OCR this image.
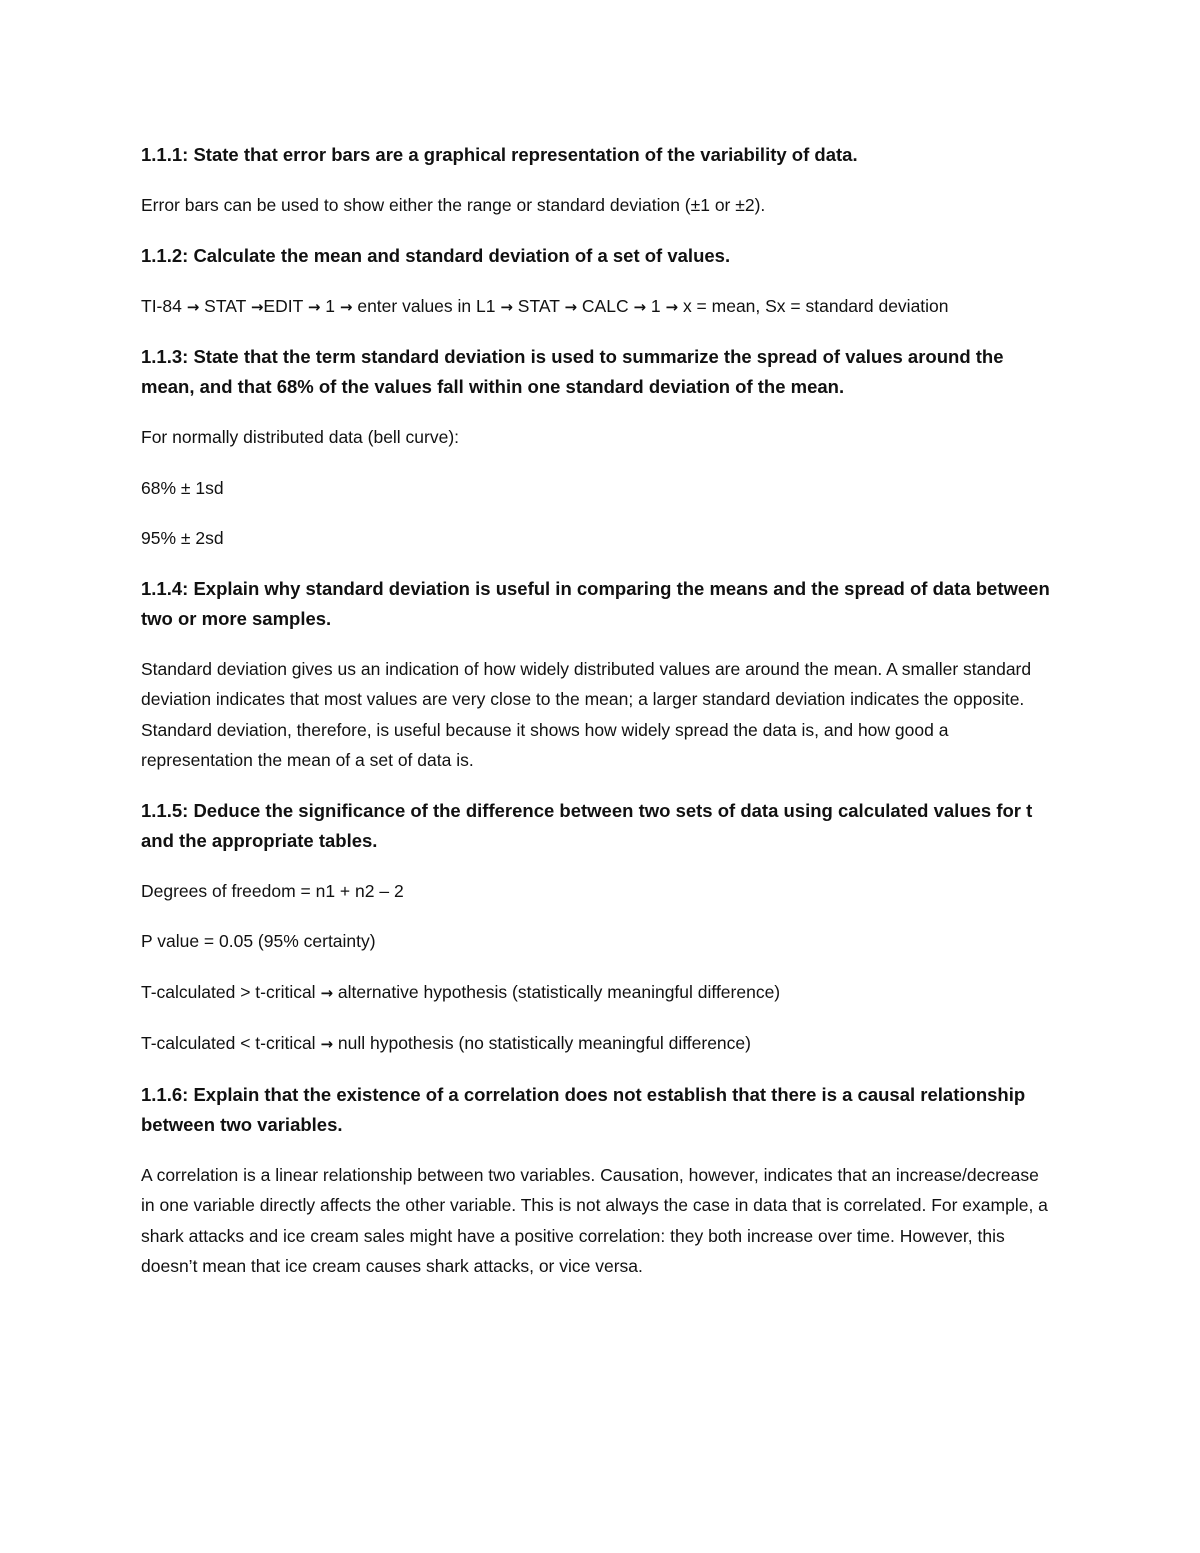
1.1.1: State that error bars are a graphical representation of the variability of data.

Error bars can be used to show either the range or standard deviation (±1 or ±2).

1.1.2: Calculate the mean and standard deviation of a set of values.

TI-84 → STAT →EDIT → 1 → enter values in L1 → STAT → CALC → 1 → x = mean, Sx = standard deviation

1.1.3: State that the term standard deviation is used to summarize the spread of values around the mean, and that 68% of the values fall within one standard deviation of the mean.

For normally distributed data (bell curve):

68% ± 1sd

95% ± 2sd

1.1.4: Explain why standard deviation is useful in comparing the means and the spread of data between two or more samples.

Standard deviation gives us an indication of how widely distributed values are around the mean. A smaller standard deviation indicates that most values are very close to the mean; a larger standard deviation indicates the opposite. Standard deviation, therefore, is useful because it shows how widely spread the data is, and how good a representation the mean of a set of data is.

1.1.5: Deduce the significance of the difference between two sets of data using calculated values for t and the appropriate tables.

Degrees of freedom = n1 + n2 – 2

P value = 0.05 (95% certainty)

T-calculated > t-critical → alternative hypothesis (statistically meaningful difference)

T-calculated < t-critical → null hypothesis (no statistically meaningful difference)

1.1.6: Explain that the existence of a correlation does not establish that there is a causal relationship between two variables.

A correlation is a linear relationship between two variables. Causation, however, indicates that an increase/decrease in one variable directly affects the other variable. This is not always the case in data that is correlated. For example, a shark attacks and ice cream sales might have a positive correlation: they both increase over time. However, this doesn’t mean that ice cream causes shark attacks, or vice versa.
